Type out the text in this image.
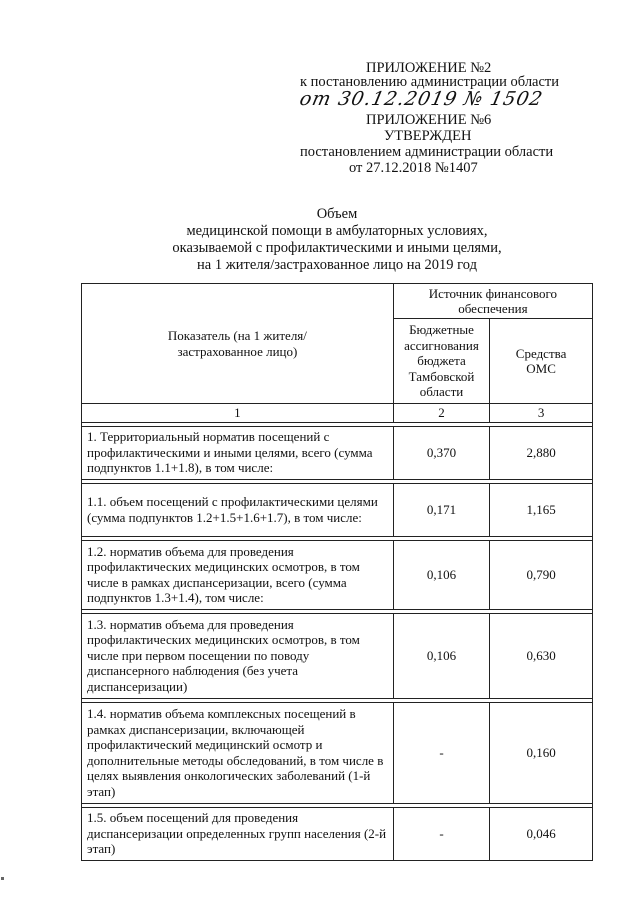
ПРИЛОЖЕНИЕ №2
к постановлению администрации области
от 30.12.2019 № 1502
ПРИЛОЖЕНИЕ №6
УТВЕРЖДЕН
постановлением администрации области
от 27.12.2018 №1407
Объем
медицинской помощи в амбулаторных условиях,
оказываемой с профилактическими и иными целями,
на 1 жителя/застрахованное лицо на 2019 год
Показатель (на 1 жителя/ застрахованное лицо)	Источник финансового обеспечения	
	Бюджетные ассигнования бюджета Тамбовской области	Средства ОМС
1	2	3

1. Территориальный норматив посещений с профилактическими и иными целями, всего (сумма подпунктов 1.1+1.8), в том числе:	0,370	2,880

1.1. объем посещений с профилактическими целями (сумма подпунктов 1.2+1.5+1.6+1.7), в том числе:	0,171	1,165

1.2. норматив объема для проведения профилактических медицинских осмотров, в том числе в рамках диспансеризации, всего (сумма подпунктов 1.3+1.4), том числе:	0,106	0,790

1.3. норматив объема для проведения профилактических медицинских осмотров, в том числе при первом посещении по поводу диспансерного наблюдения (без учета диспансеризации)	0,106	0,630

1.4. норматив объема комплексных посещений в рамках диспансеризации, включающей профилактический медицинский осмотр и дополнительные методы обследований, в том числе в целях выявления онкологических заболеваний (1-й этап)	-	0,160

1.5. объем посещений для проведения диспансеризации определенных групп населения (2-й этап)	-	0,046
